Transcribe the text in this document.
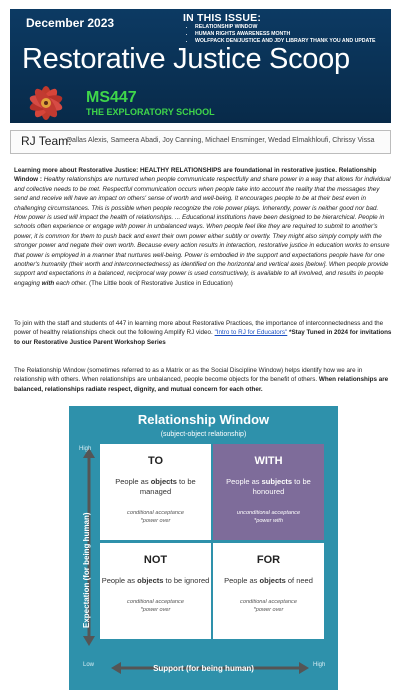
December 2023	IN THIS ISSUE:
• RELATIONSHIP WINDOW
• HUMAN RIGHTS AWARENESS MONTH
• WOLFPACK DEN/JUSTICE AND JDY LIBRARY THANK YOU AND UPDATE
Restorative Justice Scoop
MS447
THE EXPLORATORY SCHOOL
RJ Team:
Dallas Alexis, Sameera Abadi, Joy Canning, Michael Ensminger, Wedad Elmakhloufi, Chrissy Vissa

Learning more about Restorative Justice: HEALTHY RELATIONSHIPS are foundational in restorative justice. Relationship Window : Healthy relationships are nurtured when people communicate respectfully and share power in a way that allows for individual and collective needs to be met. Respectful communication occurs when people take into account the reality that the messages they send and receive will have an impact on others' sense of worth and well-being. It encourages people to be at their best even in challenging circumstances. This is possible when people recognize the role power plays. Inherently, power is neither good nor bad. How power is used will impact the health of relationships. ... Educational institutions have been designed to be hierarchical. People in schools often experience or engage with power in unbalanced ways. When people feel like they are required to submit to another's power, it is common for them to push back and exert their own power either subtly or overtly. They might also simply comply with the stronger power and negate their own worth. Because every action results in interaction, restorative justice in education works to ensure that power is employed in a manner that nurtures well-being. Power is embodied in the support and expectations people have for one another's humanity (their worth and interconnectedness) as identified on the horizontal and vertical axes [below]. When people provide support and expectations in a balanced, reciprocal way power is used constructively, is available to all involved, and results in people engaging with each other. (The Little book of Restorative Justice in Education)

To join with the staff and students of 447 in learning more about Restorative Practices, the importance of interconnectedness and the power of healthy relationships check out the following Amplify RJ video. "Intro to RJ for Educators" *Stay Tuned in 2024 for invitations to our Restorative Justice Parent Workshop Series

The Relationship Window (sometimes referred to as a Matrix or as the Social Discipline Window) helps identify how we are in relationship with others. When relationships are unbalanced, people become objects for the benefit of others. When relationships are balanced, relationships radiate respect, dignity, and mutual concern for each other.

Relationship Window
(subject-object relationship)
TO
People as objects to be managed
conditional acceptance
*power over
WITH
People as subjects to be honoured
unconditional acceptance
*power with
NOT
People as objects to be ignored
conditional acceptance
*power over
FOR
People as objects of need
conditional acceptance
*power over
High
Low	High
Expectation (for being human)
Support (for being human)
